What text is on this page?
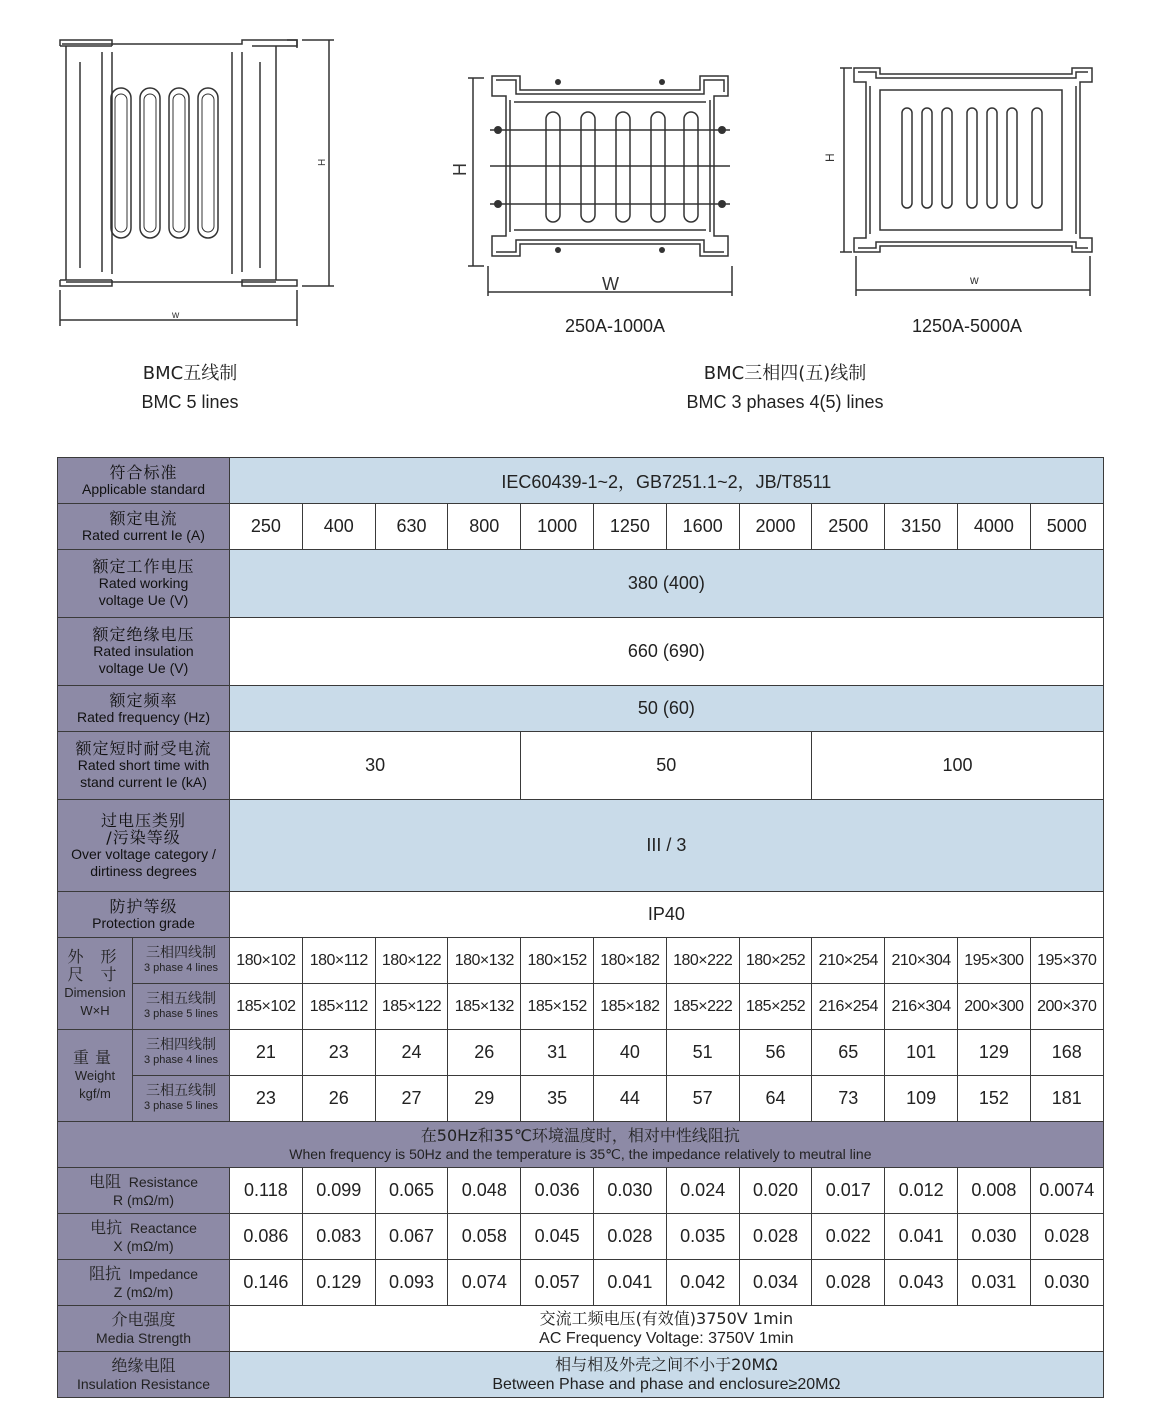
w
H
W
H
250A-1000A
w
H
1250A-5000A
BMC五线制
BMC 5 lines
BMC三相四(五)线制
BMC 3 phases 4(5) lines
符合标准
Applicable standard		IEC60439-1~2，GB7251.1~2，JB/T8511											

额定电流
Rated current Ie (A)		250	400	630	800	1000	1250	1600	2000	2500	3150	4000	5000

额定工作电压
Rated working
voltage Ue (V)		380 (400)											

额定绝缘电压
Rated insulation
voltage Ue (V)		660 (690)											

额定频率
Rated frequency (Hz)		50 (60)											

额定短时耐受电流
Rated short time with
stand current Ie (kA)		30				50				100			

过电压类别
/污染等级
Over voltage category /
dirtiness degrees		III / 3											

防护等级
Protection grade		IP40											

外 形 尺 寸
Dimension
W×H	三相四线制
3 phase 4 lines	180×102	180×112	180×122	180×132	180×152	180×182	180×222	180×252	210×254	210×304	195×300	195×370

	三相五线制
3 phase 5 lines	185×102	185×112	185×122	185×132	185×152	185×182	185×222	185×252	216×254	216×304	200×300	200×370

重量
Weight
kgf/m	三相四线制
3 phase 4 lines	21	23	24	26	31	40	51	56	65	101	129	168

	三相五线制
3 phase 5 lines	23	26	27	29	35	44	57	64	73	109	152	181

在50Hz和35℃环境温度时，相对中性线阻抗
When frequency is 50Hz and the temperature is 35℃, the impedance relatively to meutral line													
电阻 Resistance
R (mΩ/m)		0.118	0.099	0.065	0.048	0.036	0.030	0.024	0.020	0.017	0.012	0.008	0.0074
电抗 Reactance
X (mΩ/m)		0.086	0.083	0.067	0.058	0.045	0.028	0.035	0.028	0.022	0.041	0.030	0.028
阻抗 Impedance
Z (mΩ/m)		0.146	0.129	0.093	0.074	0.057	0.041	0.042	0.034	0.028	0.043	0.031	0.030
介电强度
Media Strength		交流工频电压(有效值)3750V 1min
AC Frequency Voltage: 3750V 1min											
绝缘电阻
Insulation Resistance		相与相及外壳之间不小于20MΩ
Between Phase and phase and enclosure≥20MΩ											
